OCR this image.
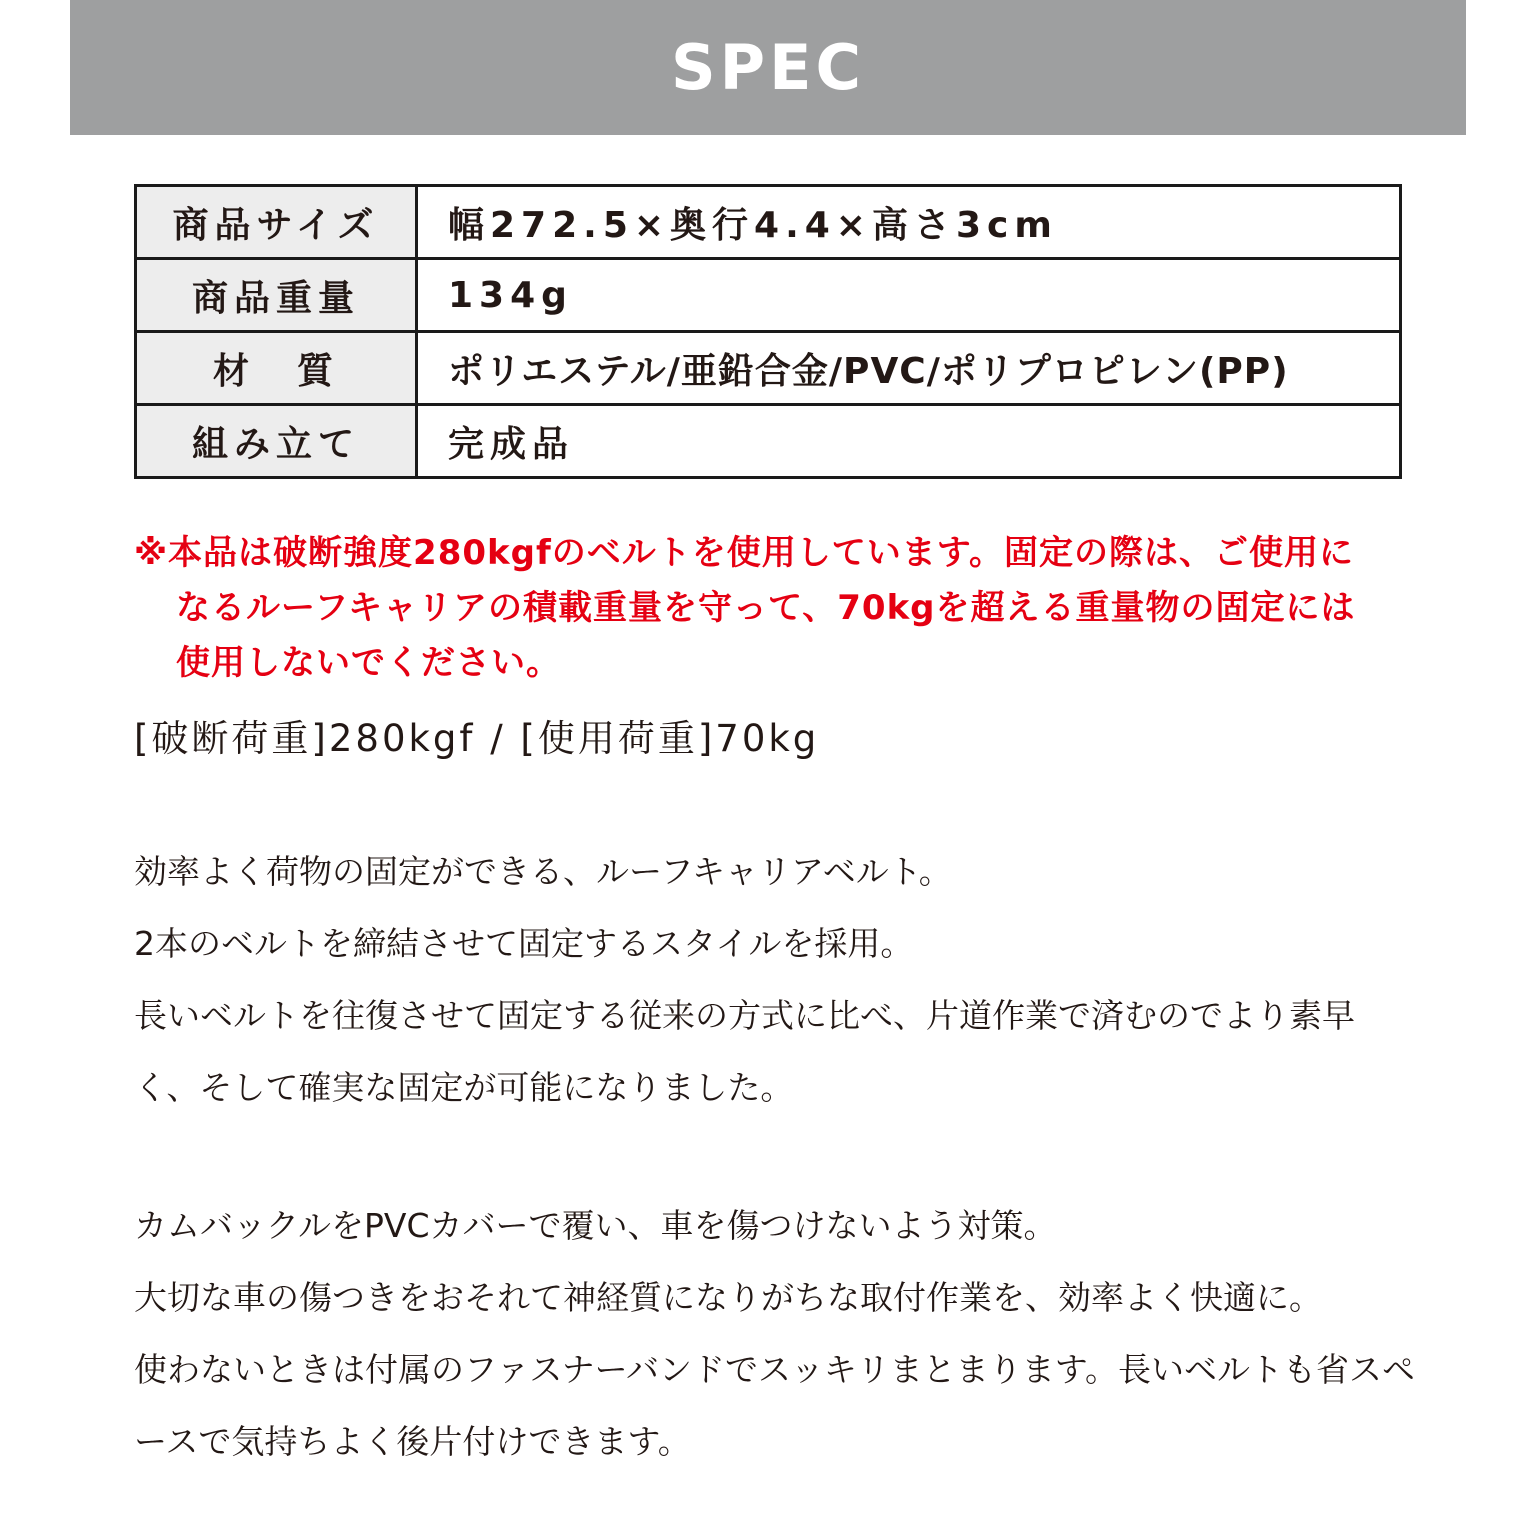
SPEC
商品サイズ	幅272.5×奥行4.4×高さ3cm
商品重量	134g
材　質	ポリエステル/亜鉛合金/PVC/ポリプロピレン(PP)
組み立て	完成品
※本品は破断強度280kgfのベルトを使用しています。固定の際は、ご使用に
なるルーフキャリアの積載重量を守って、70kgを超える重量物の固定には
使用しないでください。
[破断荷重]280kgf / [使用荷重]70kg
効率よく荷物の固定ができる、ルーフキャリアベルト。
2本のベルトを締結させて固定するスタイルを採用。
長いベルトを往復させて固定する従来の方式に比べ、片道作業で済むのでより素早
く、そして確実な固定が可能になりました。
カムバックルをPVCカバーで覆い、車を傷つけないよう対策。
大切な車の傷つきをおそれて神経質になりがちな取付作業を、効率よく快適に。
使わないときは付属のファスナーバンドでスッキリまとまります。長いベルトも省スペ
ースで気持ちよく後片付けできます。
